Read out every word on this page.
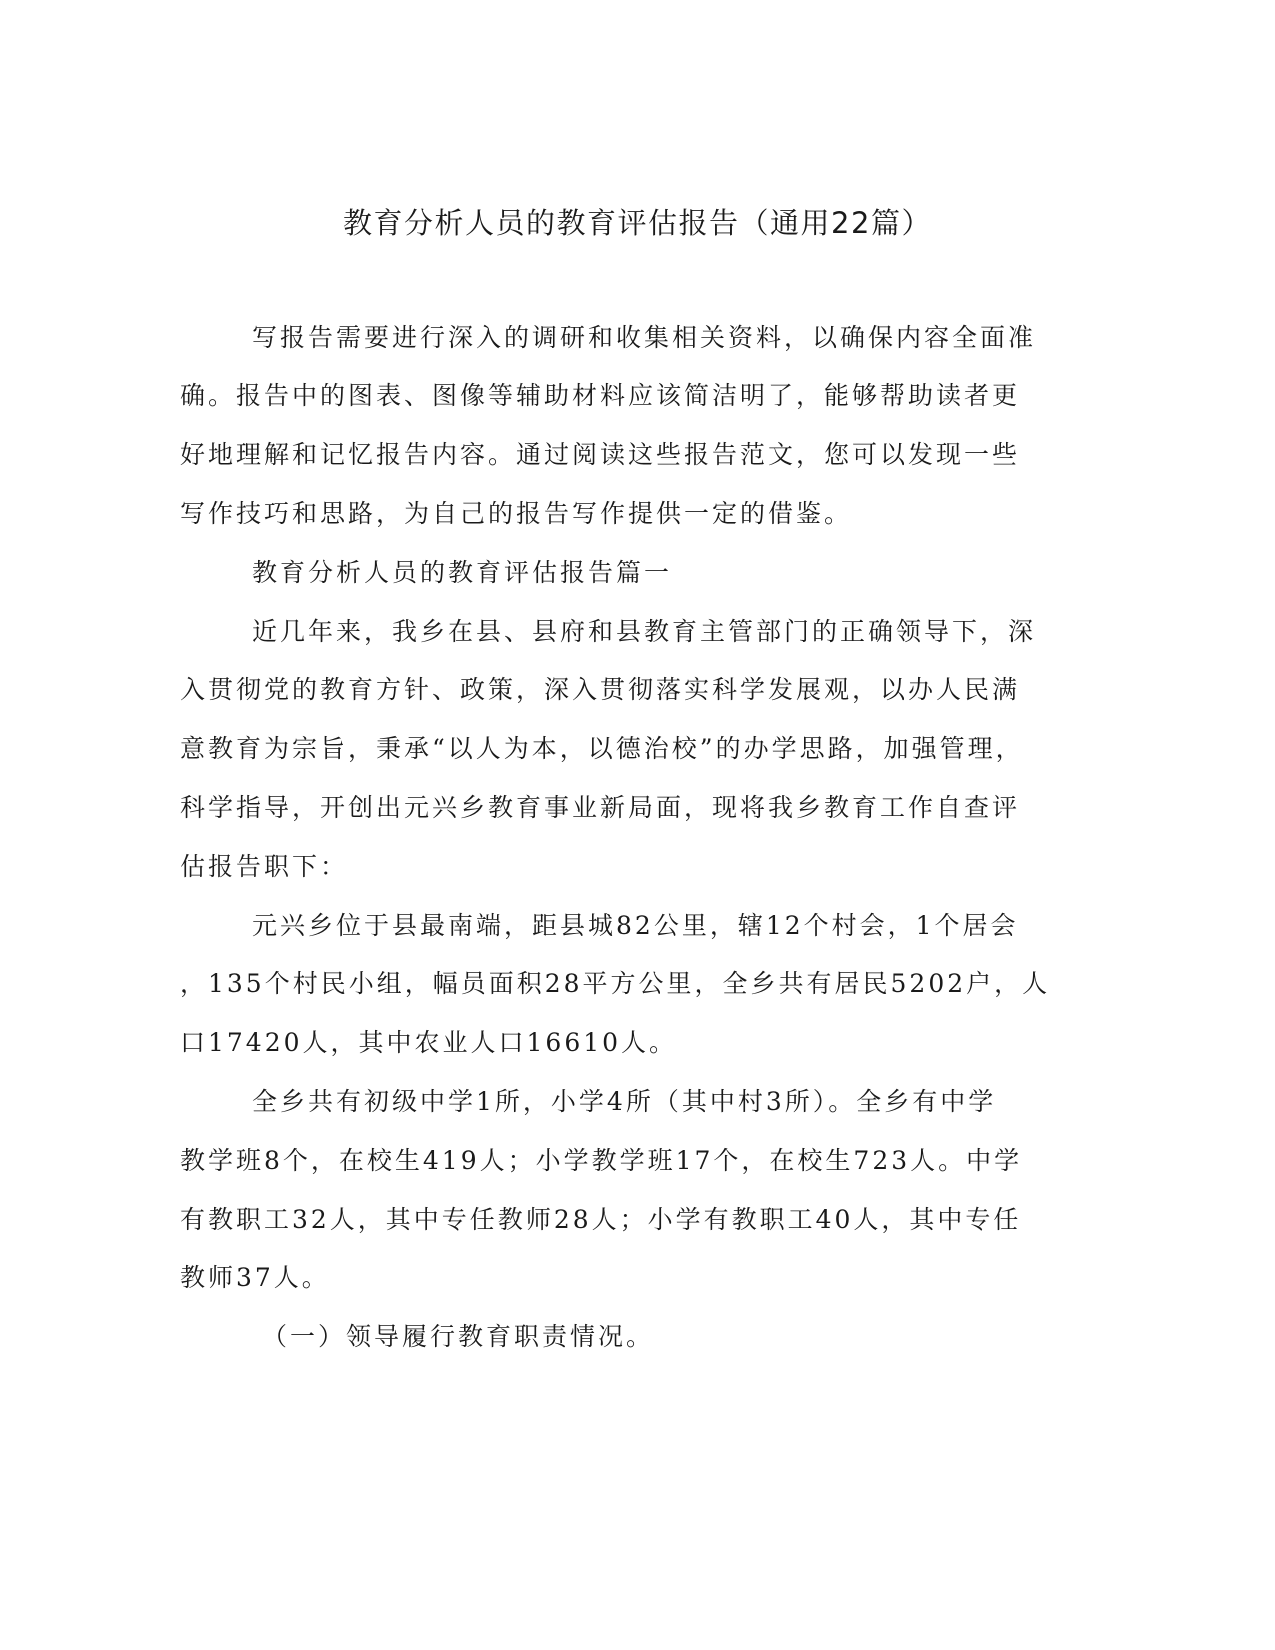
教育分析人员的教育评估报告（通用22篇）
写报告需要进行深入的调研和收集相关资料，以确保内容全面准
确。报告中的图表、图像等辅助材料应该简洁明了，能够帮助读者更
好地理解和记忆报告内容。通过阅读这些报告范文，您可以发现一些
写作技巧和思路，为自己的报告写作提供一定的借鉴。
教育分析人员的教育评估报告篇一
近几年来，我乡在县、县府和县教育主管部门的正确领导下，深
入贯彻党的教育方针、政策，深入贯彻落实科学发展观，以办人民满
意教育为宗旨，秉承“以人为本，以德治校”的办学思路，加强管理，
科学指导，开创出元兴乡教育事业新局面，现将我乡教育工作自查评
估报告职下：
元兴乡位于县最南端，距县城82公里，辖12个村会，1个居会
，135个村民小组，幅员面积28平方公里，全乡共有居民5202户，人
口17420人，其中农业人口16610人。
全乡共有初级中学1所，小学4所（其中村3所）。全乡有中学
教学班8个，在校生419人；小学教学班17个，在校生723人。中学
有教职工32人，其中专任教师28人；小学有教职工40人，其中专任
教师37人。
（一）领导履行教育职责情况。
